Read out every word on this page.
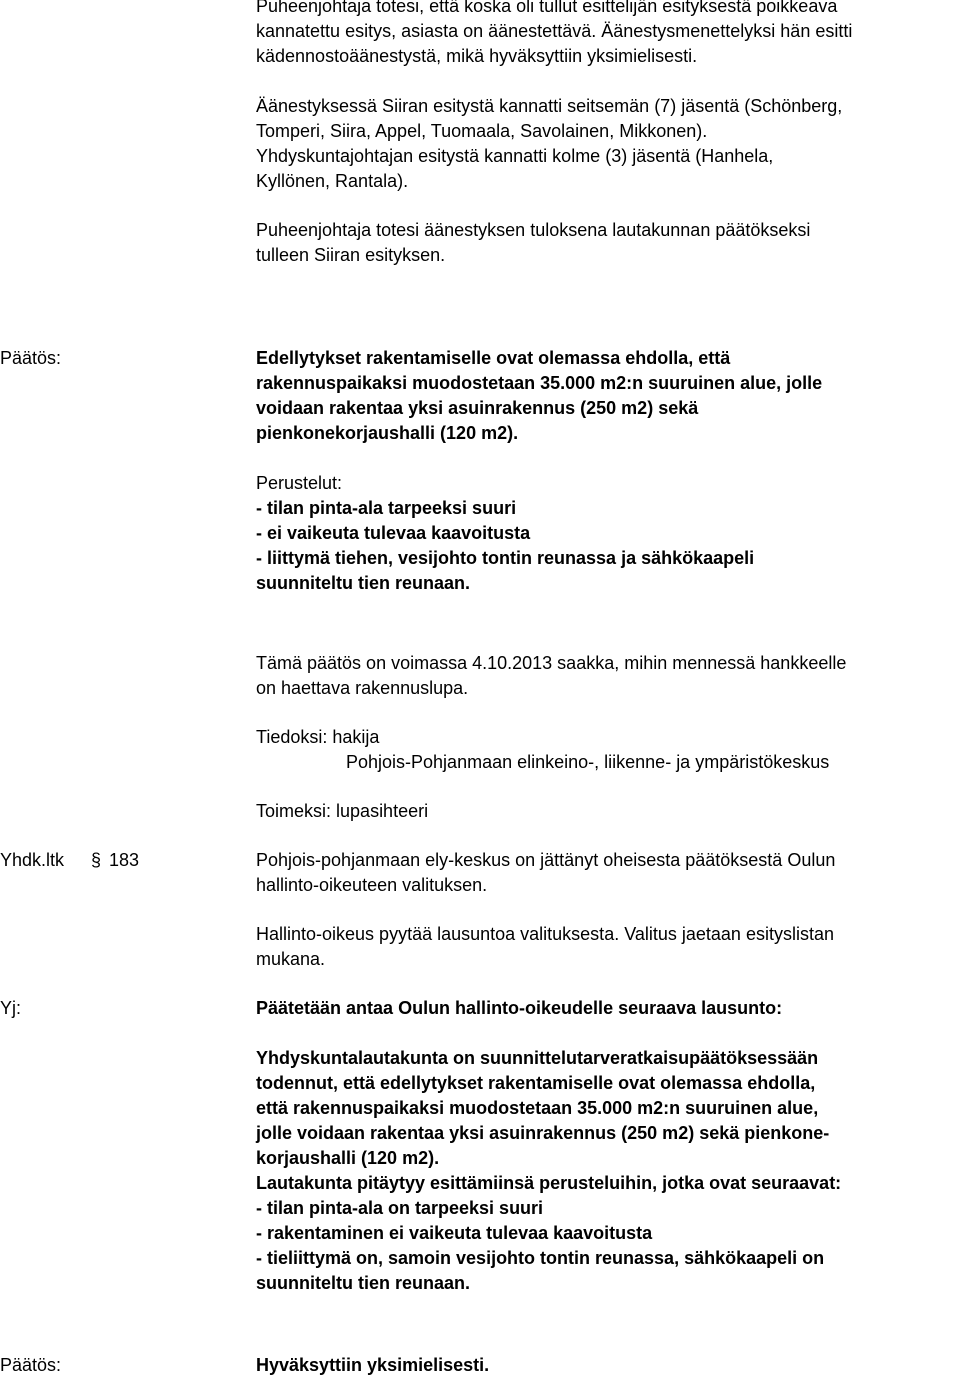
Puheenjohtaja totesi, että koska oli tullut esittelijän esityksestä poikkeava
kannatettu esitys, asiasta on äänestettävä. Äänestysmenettelyksi hän esitti
kädennostoäänestystä, mikä hyväksyttiin yksimielisesti.
Äänestyksessä Siiran esitystä kannatti seitsemän (7) jäsentä (Schönberg,
Tomperi, Siira, Appel, Tuomaala, Savolainen, Mikkonen).
Yhdyskuntajohtajan esitystä kannatti kolme (3) jäsentä (Hanhela,
Kyllönen, Rantala).
Puheenjohtaja totesi äänestyksen tuloksena lautakunnan päätökseksi
tulleen Siiran esityksen.
Päätös:	Edellytykset rakentamiselle ovat olemassa ehdolla, että
rakennuspaikaksi muodostetaan 35.000 m2:n suuruinen alue, jolle
voidaan rakentaa yksi asuinrakennus (250 m2) sekä
pienkonekorjaushalli (120 m2).
Perustelut:
- tilan pinta-ala tarpeeksi suuri
- ei vaikeuta tulevaa kaavoitusta
- liittymä tiehen, vesijohto tontin reunassa ja sähkökaapeli
suunniteltu tien reunaan.
Tämä päätös on voimassa 4.10.2013 saakka, mihin mennessä hankkeelle
on haettava rakennuslupa.
Tiedoksi: hakija
Pohjois-Pohjanmaan elinkeino-, liikenne- ja ympäristökeskus
Toimeksi: lupasihteeri
Yhdk.ltk § 183	Pohjois-pohjanmaan ely-keskus on jättänyt oheisesta päätöksestä Oulun
hallinto-oikeuteen valituksen.
Hallinto-oikeus pyytää lausuntoa valituksesta. Valitus jaetaan esityslistan
mukana.
Yj:	Päätetään antaa Oulun hallinto-oikeudelle seuraava lausunto:
Yhdyskuntalautakunta on suunnittelutarveratkaisupäätöksessään
todennut, että edellytykset rakentamiselle ovat olemassa ehdolla,
että rakennuspaikaksi muodostetaan 35.000 m2:n suuruinen alue,
jolle voidaan rakentaa yksi asuinrakennus (250 m2) sekä pienkone-
korjaushalli (120 m2).
Lautakunta pitäytyy esittämiinsä perusteluihin, jotka ovat seuraavat:
- tilan pinta-ala on tarpeeksi suuri
- rakentaminen ei vaikeuta tulevaa kaavoitusta
- tieliittymä on, samoin vesijohto tontin reunassa, sähkökaapeli on
suunniteltu tien reunaan.
Päätös:	Hyväksyttiin yksimielisesti.
